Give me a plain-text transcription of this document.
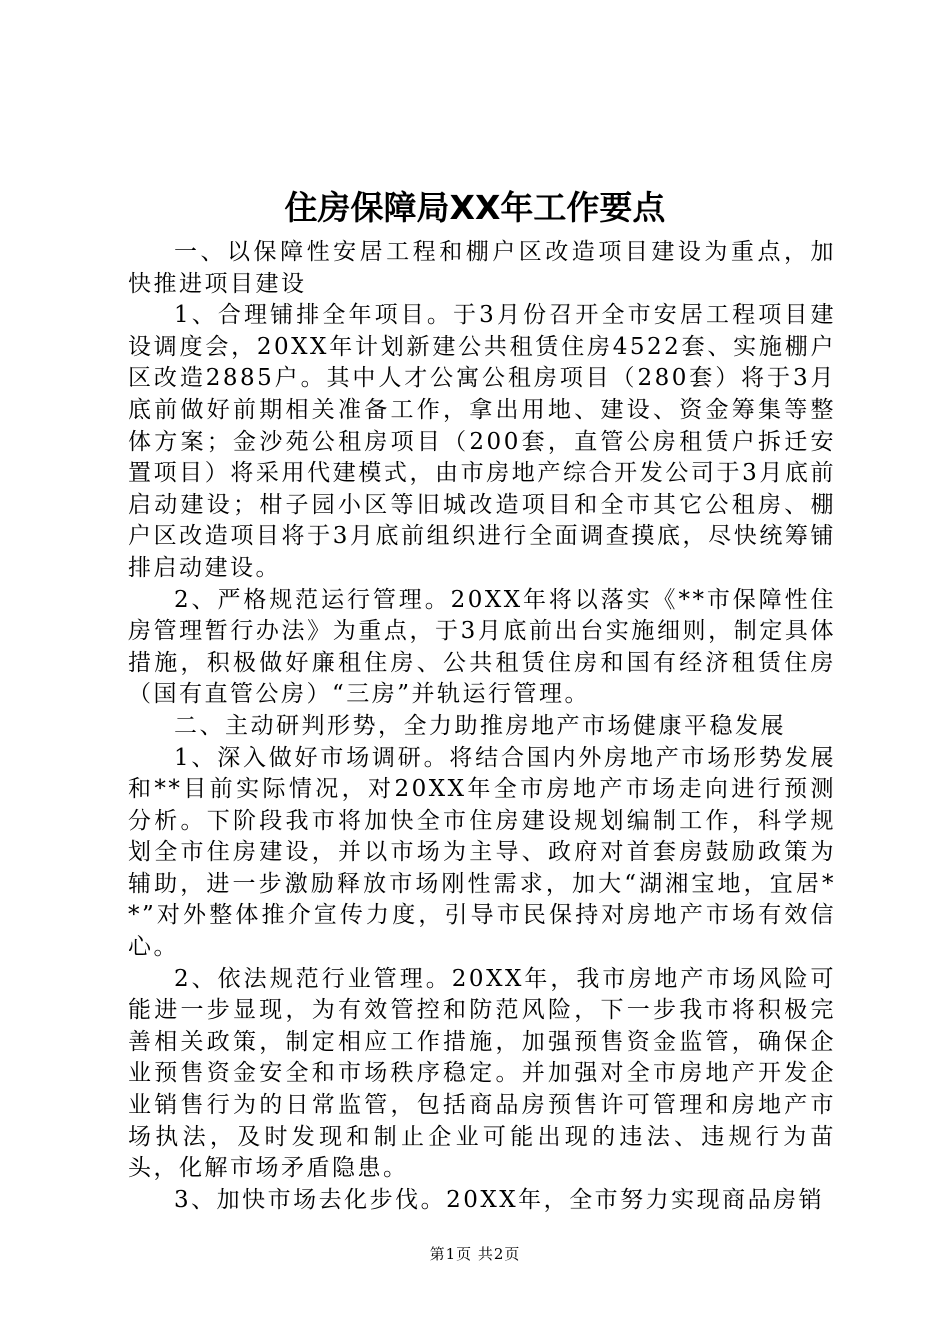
住房保障局XX年工作要点

一、以保障性安居工程和棚户区改造项目建设为重点，加快推进项目建设

1、合理铺排全年项目。于3月份召开全市安居工程项目建设调度会，20XX年计划新建公共租赁住房4522套、实施棚户区改造2885户。其中人才公寓公租房项目（280套）将于3月底前做好前期相关准备工作，拿出用地、建设、资金筹集等整体方案；金沙苑公租房项目（200套，直管公房租赁户拆迁安置项目）将采用代建模式，由市房地产综合开发公司于3月底前启动建设；柑子园小区等旧城改造项目和全市其它公租房、棚户区改造项目将于3月底前组织进行全面调查摸底，尽快统筹铺排启动建设。

2、严格规范运行管理。20XX年将以落实《**市保障性住房管理暂行办法》为重点，于3月底前出台实施细则，制定具体措施，积极做好廉租住房、公共租赁住房和国有经济租赁住房（国有直管公房）“三房”并轨运行管理。

二、主动研判形势，全力助推房地产市场健康平稳发展

1、深入做好市场调研。将结合国内外房地产市场形势发展和**目前实际情况，对20XX年全市房地产市场走向进行预测分析。下阶段我市将加快全市住房建设规划编制工作，科学规划全市住房建设，并以市场为主导、政府对首套房鼓励政策为辅助，进一步激励释放市场刚性需求，加大“湖湘宝地，宜居**”对外整体推介宣传力度，引导市民保持对房地产市场有效信心。

2、依法规范行业管理。20XX年，我市房地产市场风险可能进一步显现，为有效管控和防范风险，下一步我市将积极完善相关政策，制定相应工作措施，加强预售资金监管，确保企业预售资金安全和市场秩序稳定。并加强对全市房地产开发企业销售行为的日常监管，包括商品房预售许可管理和房地产市场执法，及时发现和制止企业可能出现的违法、违规行为苗头，化解市场矛盾隐患。

3、加快市场去化步伐。20XX年，全市努力实现商品房销

第1页 共2页
